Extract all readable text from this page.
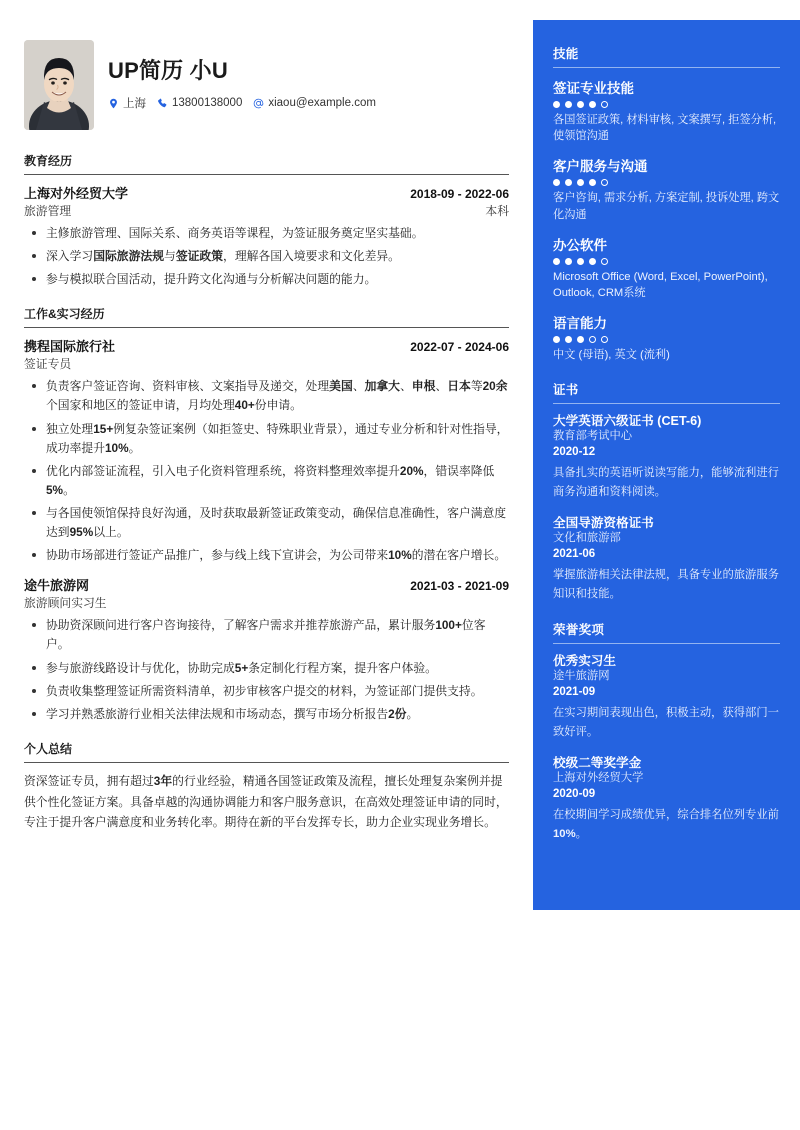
UP简历 小U
上海 13800138000 xiaou@example.com
教育经历
上海对外经贸大学	2018-09 - 2022-06
旅游管理	本科
主修旅游管理、国际关系、商务英语等课程，为签证服务奠定坚实基础。
深入学习国际旅游法规与签证政策，理解各国入境要求和文化差异。
参与模拟联合国活动，提升跨文化沟通与分析解决问题的能力。
工作&实习经历
携程国际旅行社	2022-07 - 2024-06
签证专员
负责客户签证咨询、资料审核、文案指导及递交，处理美国、加拿大、申根、日本等20余个国家和地区的签证申请，月均处理40+份申请。
独立处理15+例复杂签证案例（如拒签史、特殊职业背景），通过专业分析和针对性指导，成功率提升10%。
优化内部签证流程，引入电子化资料管理系统，将资料整理效率提升20%，错误率降低5%。
与各国使领馆保持良好沟通，及时获取最新签证政策变动，确保信息准确性，客户满意度达到95%以上。
协助市场部进行签证产品推广，参与线上线下宣讲会，为公司带来10%的潜在客户增长。
途牛旅游网	2021-03 - 2021-09
旅游顾问实习生
协助资深顾问进行客户咨询接待，了解客户需求并推荐旅游产品，累计服务100+位客户。
参与旅游线路设计与优化，协助完成5+条定制化行程方案，提升客户体验。
负责收集整理签证所需资料清单，初步审核客户提交的材料，为签证部门提供支持。
学习并熟悉旅游行业相关法律法规和市场动态，撰写市场分析报告2份。
个人总结
资深签证专员，拥有超过3年的行业经验，精通各国签证政策及流程，擅长处理复杂案例并提供个性化签证方案。具备卓越的沟通协调能力和客户服务意识，在高效处理签证申请的同时，专注于提升客户满意度和业务转化率。期待在新的平台发挥专长，助力企业实现业务增长。
技能
签证专业技能
各国签证政策, 材料审核, 文案撰写, 拒签分析, 使领馆沟通
客户服务与沟通
客户咨询, 需求分析, 方案定制, 投诉处理, 跨文化沟通
办公软件
Microsoft Office (Word, Excel, PowerPoint), Outlook, CRM系统
语言能力
中文 (母语), 英文 (流利)
证书
大学英语六级证书 (CET-6)
教育部考试中心
2020-12
具备扎实的英语听说读写能力，能够流利进行商务沟通和资料阅读。
全国导游资格证书
文化和旅游部
2021-06
掌握旅游相关法律法规，具备专业的旅游服务知识和技能。
荣誉奖项
优秀实习生
途牛旅游网
2021-09
在实习期间表现出色，积极主动，获得部门一致好评。
校级二等奖学金
上海对外经贸大学
2020-09
在校期间学习成绩优异，综合排名位列专业前10%。
